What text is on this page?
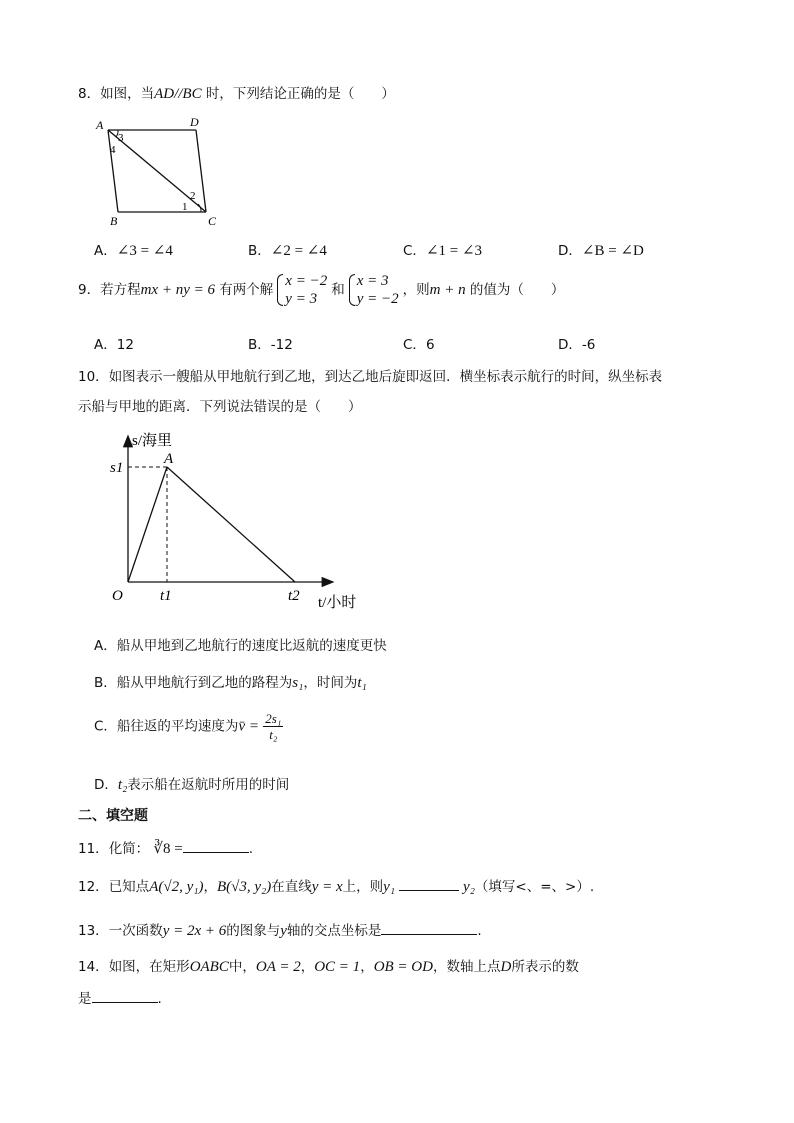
8．如图，当AD//BC 时，下列结论正确的是（　　）
A	D
B	C
3
4
2
1
A．∠3 = ∠4	B．∠2 = ∠4	C．∠1 = ∠3	D．∠B = ∠D
9．若方程mx + ny = 6 有两个解
x = −2
y = 3
和
x = 3
y = −2
，则m + n 的值为（　　）
A．12	B．-12	C．6	D．-6
10．如图表示一艘船从甲地航行到乙地，到达乙地后旋即返回．横坐标表示航行的时间，纵坐标表
示船与甲地的距离．下列说法错误的是（　　）
s/海里
s1
A
O t1	t2 t/小时
A．船从甲地到乙地航行的速度比返航的速度更快
B．船从甲地航行到乙地的路程为s₁，时间为t₁
C．船往返的平均速度为v̄ = $\frac{\text{2s₁}}{\text{t₂}}$
D．t₂表示船在返航时所用的时间
二、填空题
11．化简： ∛8 =	.
12．已知点A(√2, y₁)，B(√3, y₂)在直线y = x上，则y₁	y₂（填写<、=、>）.
13．一次函数y = 2x + 6的图象与y轴的交点坐标是	.
14．如图，在矩形OABC中，OA = 2，OC = 1，OB = OD，数轴上点D所表示的数
是	.
